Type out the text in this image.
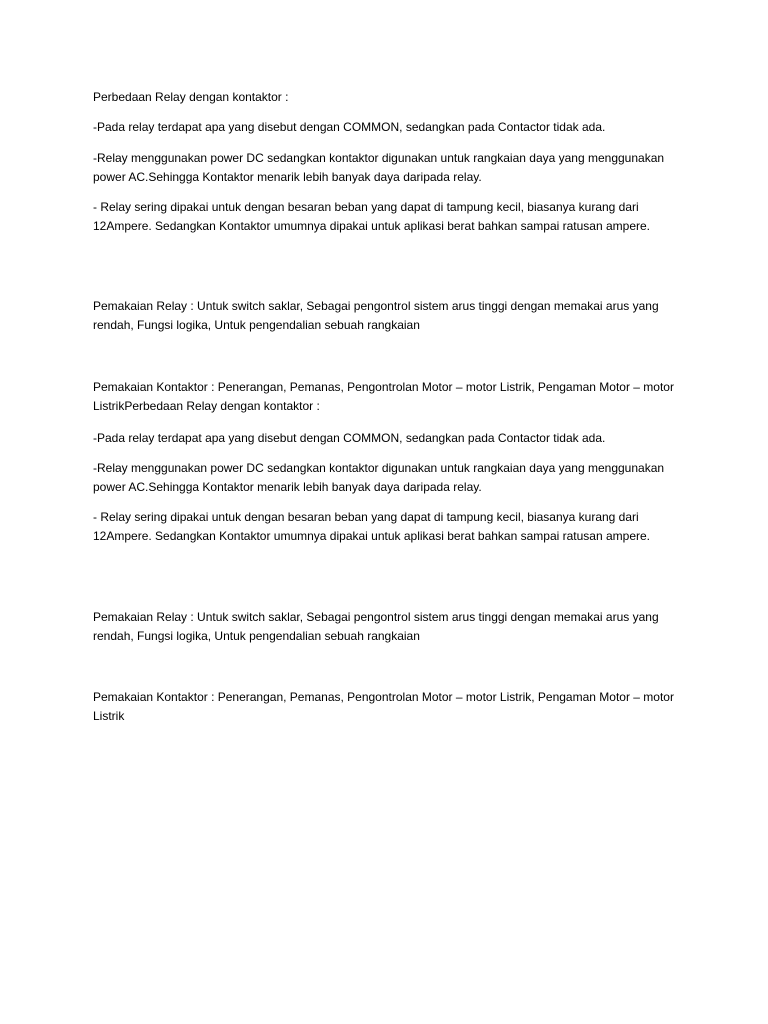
Perbedaan Relay dengan kontaktor :

-Pada relay terdapat apa yang disebut dengan COMMON, sedangkan pada Contactor tidak ada.

-Relay menggunakan power DC sedangkan kontaktor digunakan untuk rangkaian daya yang menggunakan power AC.Sehingga Kontaktor menarik lebih banyak daya daripada relay.

- Relay sering dipakai untuk dengan besaran beban yang dapat di tampung kecil, biasanya kurang dari 12Ampere. Sedangkan Kontaktor umumnya dipakai untuk aplikasi berat bahkan sampai ratusan ampere.

Pemakaian Relay : Untuk switch saklar, Sebagai pengontrol sistem arus tinggi dengan memakai arus yang rendah, Fungsi logika, Untuk pengendalian sebuah rangkaian

Pemakaian Kontaktor : Penerangan, Pemanas, Pengontrolan Motor – motor Listrik, Pengaman Motor – motor ListrikPerbedaan Relay dengan kontaktor :

-Pada relay terdapat apa yang disebut dengan COMMON, sedangkan pada Contactor tidak ada.

-Relay menggunakan power DC sedangkan kontaktor digunakan untuk rangkaian daya yang menggunakan power AC.Sehingga Kontaktor menarik lebih banyak daya daripada relay.

- Relay sering dipakai untuk dengan besaran beban yang dapat di tampung kecil, biasanya kurang dari 12Ampere. Sedangkan Kontaktor umumnya dipakai untuk aplikasi berat bahkan sampai ratusan ampere.

Pemakaian Relay : Untuk switch saklar, Sebagai pengontrol sistem arus tinggi dengan memakai arus yang rendah, Fungsi logika, Untuk pengendalian sebuah rangkaian

Pemakaian Kontaktor : Penerangan, Pemanas, Pengontrolan Motor – motor Listrik, Pengaman Motor – motor Listrik
